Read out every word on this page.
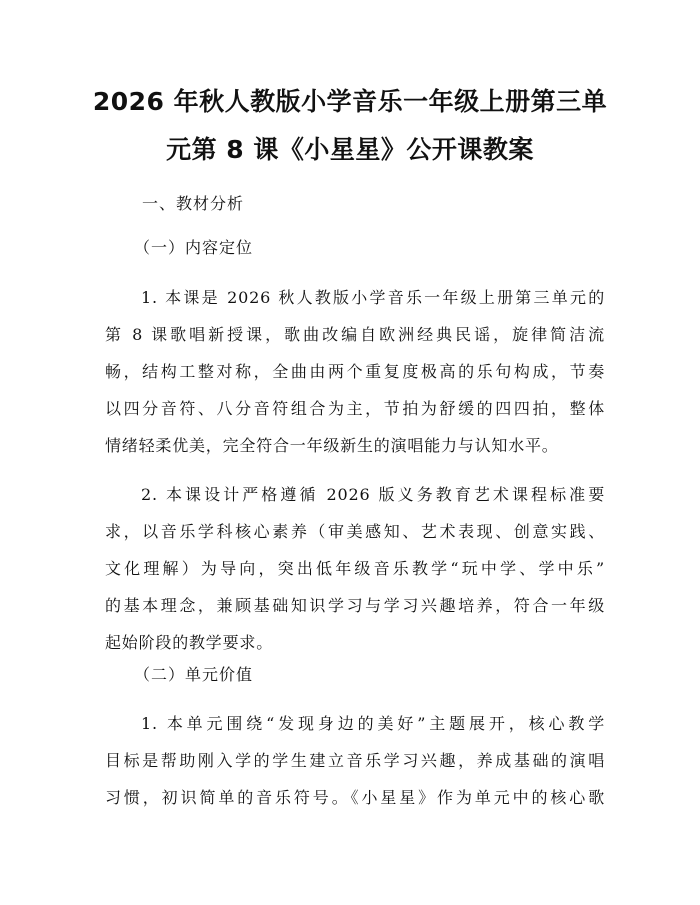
2026 年秋人教版小学音乐一年级上册第三单
元第 8 课《小星星》公开课教案
一、教材分析
（一）内容定位
1. 本课是 2026 秋人教版小学音乐一年级上册第三单元的
第 8 课歌唱新授课，歌曲改编自欧洲经典民谣，旋律简洁流
畅，结构工整对称，全曲由两个重复度极高的乐句构成，节奏
以四分音符、八分音符组合为主，节拍为舒缓的四四拍，整体
情绪轻柔优美，完全符合一年级新生的演唱能力与认知水平。
2. 本课设计严格遵循 2026 版义务教育艺术课程标准要
求，以音乐学科核心素养（审美感知、艺术表现、创意实践、
文化理解）为导向，突出低年级音乐教学“玩中学、学中乐”
的基本理念，兼顾基础知识学习与学习兴趣培养，符合一年级
起始阶段的教学要求。
（二）单元价值
1. 本单元围绕“发现身边的美好”主题展开，核心教学
目标是帮助刚入学的学生建立音乐学习兴趣，养成基础的演唱
习惯，初识简单的音乐符号。《小星星》作为单元中的核心歌
